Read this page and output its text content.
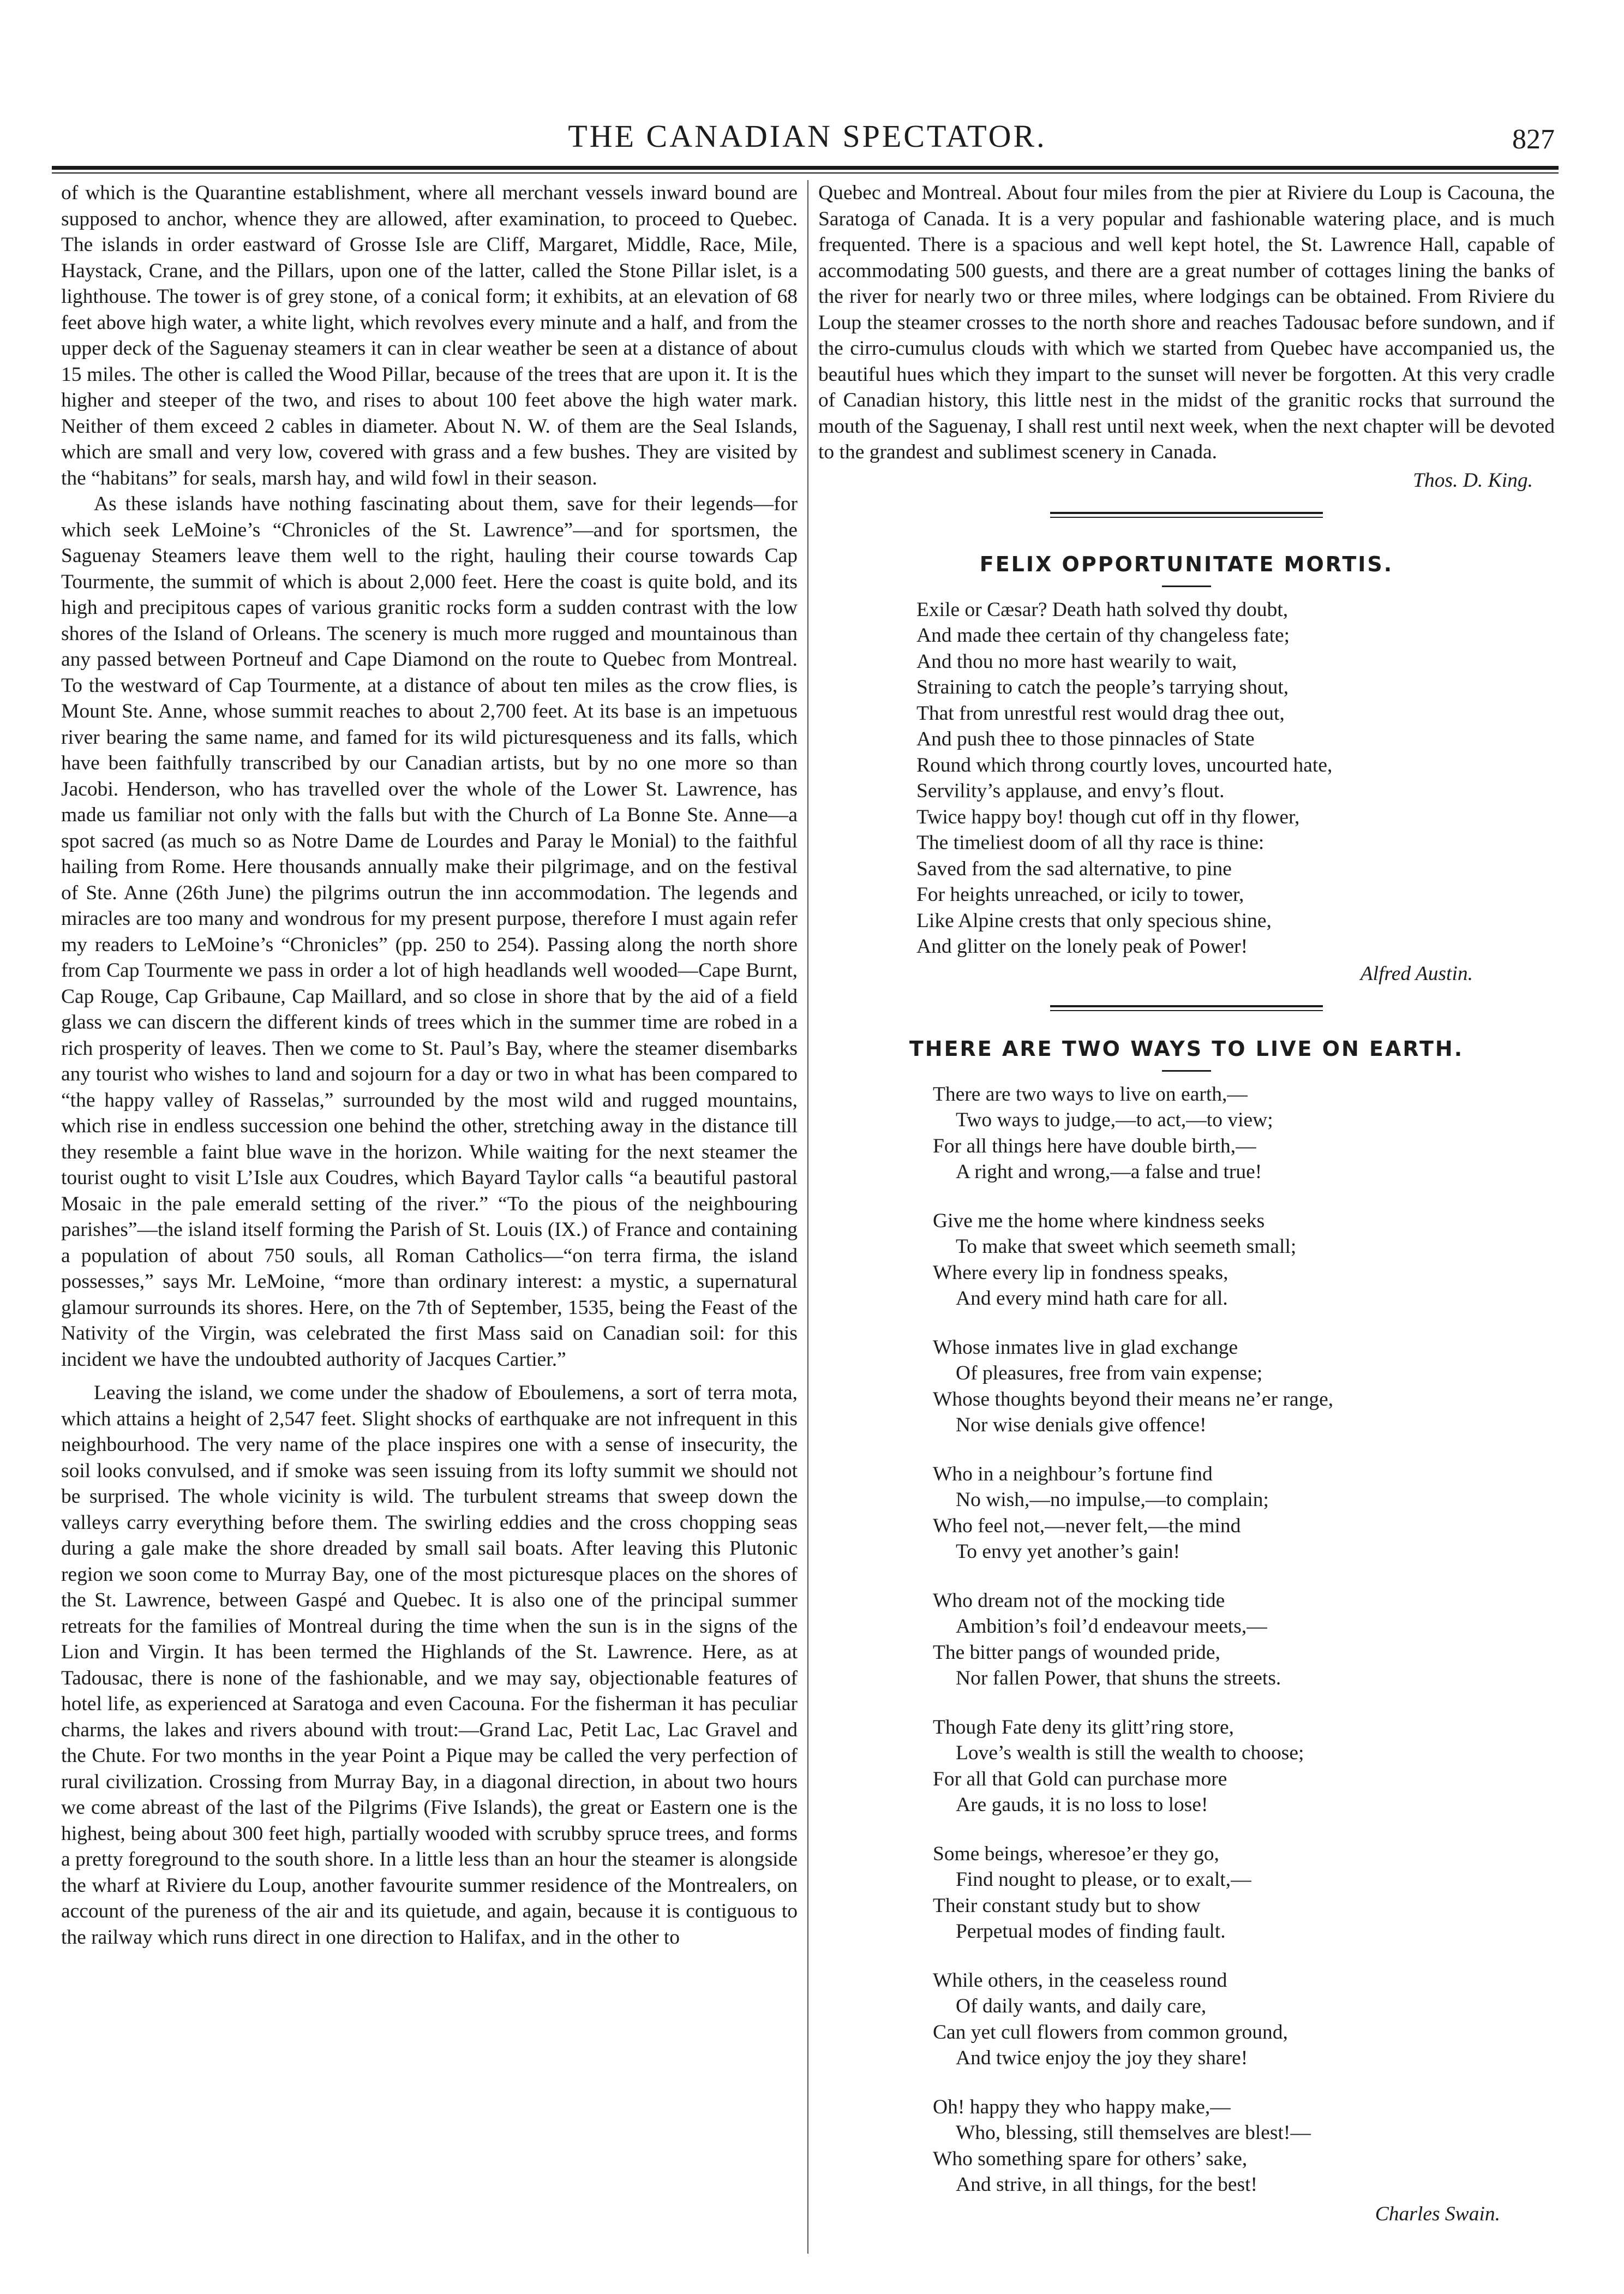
THE CANADIAN SPECTATOR.	827

of which is the Quarantine establishment, where all merchant vessels inward bound are supposed to anchor, whence they are allowed, after examination, to proceed to Quebec. The islands in order eastward of Grosse Isle are Cliff, Margaret, Middle, Race, Mile, Haystack, Crane, and the Pillars, upon one of the latter, called the Stone Pillar islet, is a lighthouse. The tower is of grey stone, of a conical form; it exhibits, at an elevation of 68 feet above high water, a white light, which revolves every minute and a half, and from the upper deck of the Saguenay steamers it can in clear weather be seen at a distance of about 15 miles. The other is called the Wood Pillar, because of the trees that are upon it. It is the higher and steeper of the two, and rises to about 100 feet above the high water mark. Neither of them exceed 2 cables in diameter. About N. W. of them are the Seal Islands, which are small and very low, covered with grass and a few bushes. They are visited by the “habitans” for seals, marsh hay, and wild fowl in their season.

As these islands have nothing fascinating about them, save for their legends—for which seek LeMoine’s “Chronicles of the St. Lawrence”—and for sportsmen, the Saguenay Steamers leave them well to the right, hauling their course towards Cap Tourmente, the summit of which is about 2,000 feet. Here the coast is quite bold, and its high and precipitous capes of various granitic rocks form a sudden contrast with the low shores of the Island of Orleans. The scenery is much more rugged and mountainous than any passed between Portneuf and Cape Diamond on the route to Quebec from Montreal. To the westward of Cap Tourmente, at a distance of about ten miles as the crow flies, is Mount Ste. Anne, whose summit reaches to about 2,700 feet. At its base is an impetuous river bearing the same name, and famed for its wild picturesqueness and its falls, which have been faithfully transcribed by our Canadian artists, but by no one more so than Jacobi. Henderson, who has travelled over the whole of the Lower St. Lawrence, has made us familiar not only with the falls but with the Church of La Bonne Ste. Anne—a spot sacred (as much so as Notre Dame de Lourdes and Paray le Monial) to the faithful hailing from Rome. Here thousands annually make their pilgrimage, and on the festival of Ste. Anne (26th June) the pilgrims outrun the inn accommodation. The legends and miracles are too many and wondrous for my present purpose, therefore I must again refer my readers to LeMoine’s “Chronicles” (pp. 250 to 254). Passing along the north shore from Cap Tourmente we pass in order a lot of high headlands well wooded—Cape Burnt, Cap Rouge, Cap Gribaune, Cap Maillard, and so close in shore that by the aid of a field glass we can discern the different kinds of trees which in the summer time are robed in a rich prosperity of leaves. Then we come to St. Paul’s Bay, where the steamer disembarks any tourist who wishes to land and sojourn for a day or two in what has been compared to “the happy valley of Rasselas,” surrounded by the most wild and rugged mountains, which rise in endless succession one behind the other, stretching away in the distance till they resemble a faint blue wave in the horizon. While waiting for the next steamer the tourist ought to visit L’Isle aux Coudres, which Bayard Taylor calls “a beautiful pastoral Mosaic in the pale emerald setting of the river.” “To the pious of the neighbouring parishes”—the island itself forming the Parish of St. Louis (IX.) of France and containing a population of about 750 souls, all Roman Catholics—“on terra firma, the island possesses,” says Mr. LeMoine, “more than ordinary interest: a mystic, a supernatural glamour surrounds its shores. Here, on the 7th of September, 1535, being the Feast of the Nativity of the Virgin, was celebrated the first Mass said on Canadian soil: for this incident we have the undoubted authority of Jacques Cartier.”

Leaving the island, we come under the shadow of Eboulemens, a sort of terra mota, which attains a height of 2,547 feet. Slight shocks of earthquake are not infrequent in this neighbourhood. The very name of the place inspires one with a sense of insecurity, the soil looks convulsed, and if smoke was seen issuing from its lofty summit we should not be surprised. The whole vicinity is wild. The turbulent streams that sweep down the valleys carry everything before them. The swirling eddies and the cross chopping seas during a gale make the shore dreaded by small sail boats. After leaving this Plutonic region we soon come to Murray Bay, one of the most picturesque places on the shores of the St. Lawrence, between Gaspé and Quebec. It is also one of the principal summer retreats for the families of Montreal during the time when the sun is in the signs of the Lion and Virgin. It has been termed the Highlands of the St. Lawrence. Here, as at Tadousac, there is none of the fashionable, and we may say, objectionable features of hotel life, as experienced at Saratoga and even Cacouna. For the fisherman it has peculiar charms, the lakes and rivers abound with trout:—Grand Lac, Petit Lac, Lac Gravel and the Chute. For two months in the year Point a Pique may be called the very perfection of rural civilization. Crossing from Murray Bay, in a diagonal direction, in about two hours we come abreast of the last of the Pilgrims (Five Islands), the great or Eastern one is the highest, being about 300 feet high, partially wooded with scrubby spruce trees, and forms a pretty foreground to the south shore. In a little less than an hour the steamer is alongside the wharf at Riviere du Loup, another favourite summer residence of the Montrealers, on account of the pureness of the air and its quietude, and again, because it is contiguous to the railway which runs direct in one direction to Halifax, and in the other to

Quebec and Montreal. About four miles from the pier at Riviere du Loup is Cacouna, the Saratoga of Canada. It is a very popular and fashionable watering place, and is much frequented. There is a spacious and well kept hotel, the St. Lawrence Hall, capable of accommodating 500 guests, and there are a great number of cottages lining the banks of the river for nearly two or three miles, where lodgings can be obtained. From Riviere du Loup the steamer crosses to the north shore and reaches Tadousac before sundown, and if the cirro-cumulus clouds with which we started from Quebec have accompanied us, the beautiful hues which they impart to the sunset will never be forgotten. At this very cradle of Canadian history, this little nest in the midst of the granitic rocks that surround the mouth of the Saguenay, I shall rest until next week, when the next chapter will be devoted to the grandest and sublimest scenery in Canada.

Thos. D. King.
FELIX OPPORTUNITATE MORTIS.
Exile or Cæsar? Death hath solved thy doubt,
And made thee certain of thy changeless fate;
And thou no more hast wearily to wait,
Straining to catch the people’s tarrying shout,
That from unrestful rest would drag thee out,
And push thee to those pinnacles of State
Round which throng courtly loves, uncourted hate,
Servility’s applause, and envy’s flout.
Twice happy boy! though cut off in thy flower,
The timeliest doom of all thy race is thine:
Saved from the sad alternative, to pine
For heights unreached, or icily to tower,
Like Alpine crests that only specious shine,
And glitter on the lonely peak of Power!
Alfred Austin.
THERE ARE TWO WAYS TO LIVE ON EARTH.
There are two ways to live on earth,—
Two ways to judge,—to act,—to view;
For all things here have double birth,—
A right and wrong,—a false and true!
Give me the home where kindness seeks
To make that sweet which seemeth small;
Where every lip in fondness speaks,
And every mind hath care for all.
Whose inmates live in glad exchange
Of pleasures, free from vain expense;
Whose thoughts beyond their means ne’er range,
Nor wise denials give offence!
Who in a neighbour’s fortune find
No wish,—no impulse,—to complain;
Who feel not,—never felt,—the mind
To envy yet another’s gain!
Who dream not of the mocking tide
Ambition’s foil’d endeavour meets,—
The bitter pangs of wounded pride,
Nor fallen Power, that shuns the streets.
Though Fate deny its glitt’ring store,
Love’s wealth is still the wealth to choose;
For all that Gold can purchase more
Are gauds, it is no loss to lose!
Some beings, wheresoe’er they go,
Find nought to please, or to exalt,—
Their constant study but to show
Perpetual modes of finding fault.
While others, in the ceaseless round
Of daily wants, and daily care,
Can yet cull flowers from common ground,
And twice enjoy the joy they share!
Oh! happy they who happy make,—
Who, blessing, still themselves are blest!—
Who something spare for others’ sake,
And strive, in all things, for the best!
Charles Swain.
